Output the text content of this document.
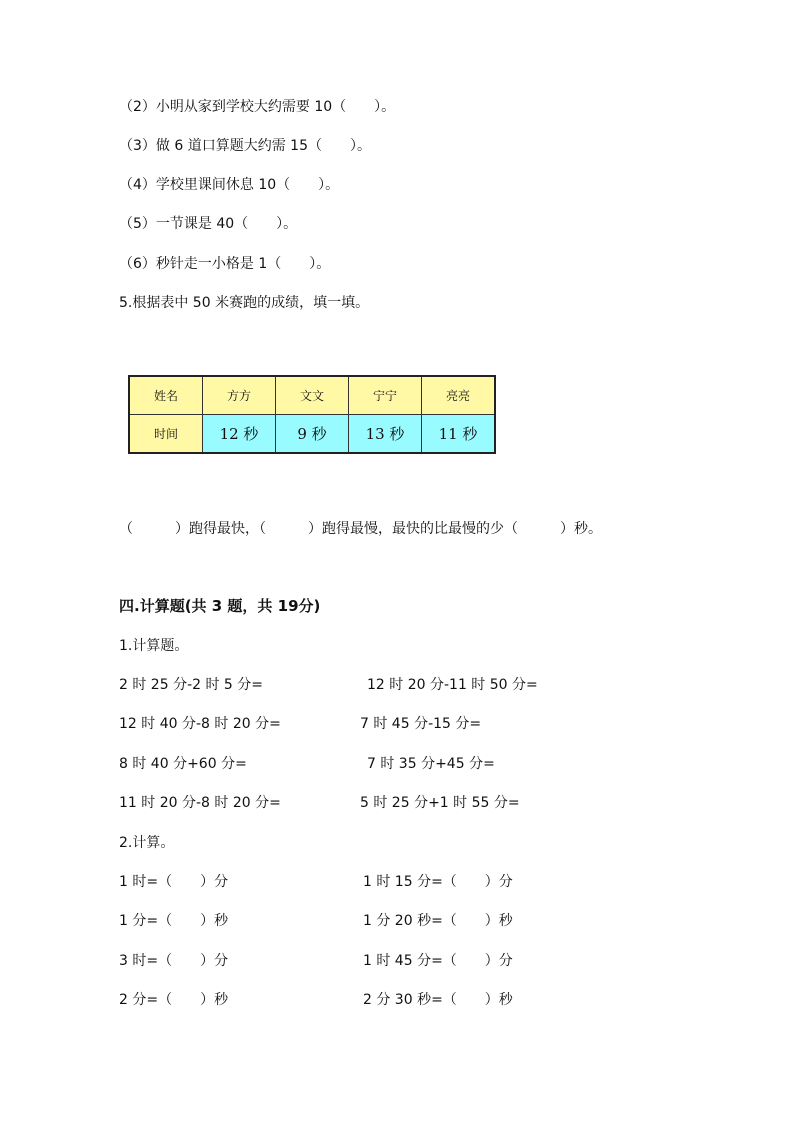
（2）小明从家到学校大约需要 10（　　）。
（3）做 6 道口算题大约需 15（　　）。
（4）学校里课间休息 10（　　）。
（5）一节课是 40（　　）。
（6）秒针走一小格是 1（　　）。
5.根据表中 50 米赛跑的成绩，填一填。
姓名	方方	文文	宁宁	亮亮
时间	12 秒	9 秒	13 秒	11 秒
（　　　）跑得最快，（　　　）跑得最慢，最快的比最慢的少（　　　）秒。
四.计算题(共 3 题，共 19分)
1.计算题。
2 时 25 分-2 时 5 分=	12 时 20 分-11 时 50 分=
12 时 40 分-8 时 20 分=	7 时 45 分-15 分=
8 时 40 分+60 分=	7 时 35 分+45 分=
11 时 20 分-8 时 20 分=	5 时 25 分+1 时 55 分=
2.计算。
1 时=（　　）分	1 时 15 分=（　　）分
1 分=（　　）秒	1 分 20 秒=（　　）秒
3 时=（　　）分	1 时 45 分=（　　）分
2 分=（　　）秒	2 分 30 秒=（　　）秒
